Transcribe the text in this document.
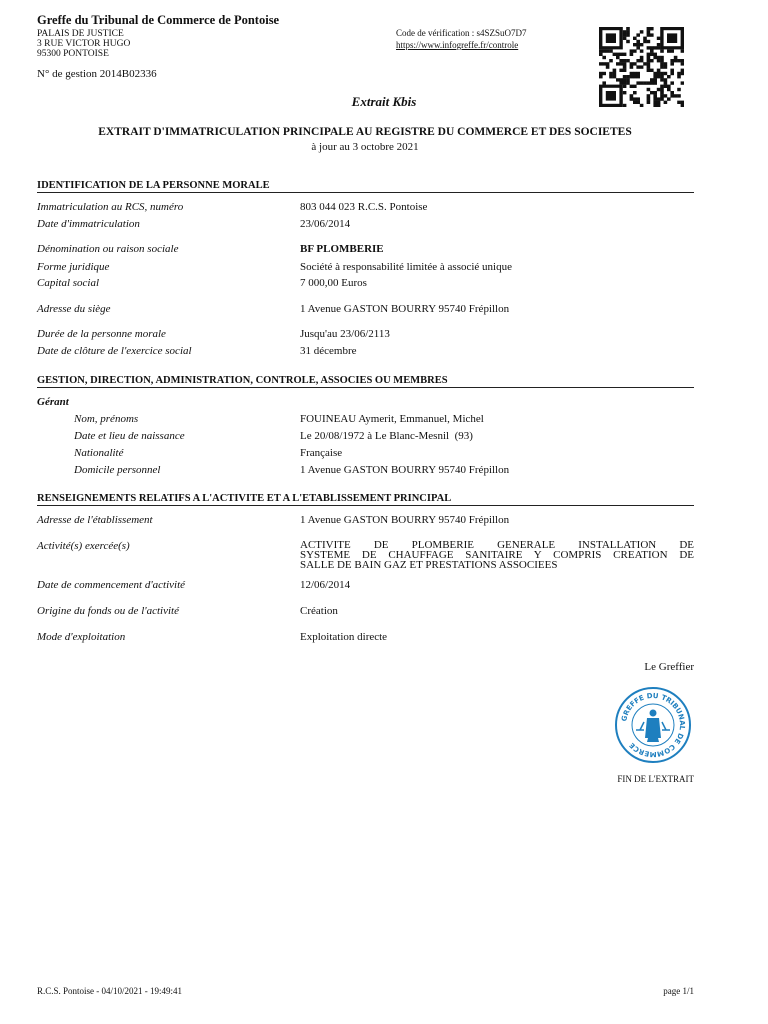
Greffe du Tribunal de Commerce de Pontoise
PALAIS DE JUSTICE
3 RUE VICTOR HUGO
95300 PONTOISE
Code de vérification : s4SZSuO7D7
https://www.infogreffe.fr/controle
N° de gestion 2014B02336
Extrait Kbis
EXTRAIT D'IMMATRICULATION PRINCIPALE AU REGISTRE DU COMMERCE ET DES SOCIETES
à jour au 3 octobre 2021
IDENTIFICATION DE LA PERSONNE MORALE
Immatriculation au RCS, numéro	803 044 023 R.C.S. Pontoise
Date d'immatriculation	23/06/2014
Dénomination ou raison sociale	BF PLOMBERIE
Forme juridique	Société à responsabilité limitée à associé unique
Capital social	7 000,00 Euros
Adresse du siège	1 Avenue GASTON BOURRY 95740 Frépillon
Durée de la personne morale	Jusqu'au 23/06/2113
Date de clôture de l'exercice social	31 décembre
GESTION, DIRECTION, ADMINISTRATION, CONTROLE, ASSOCIES OU MEMBRES
Gérant
Nom, prénoms	FOUINEAU Aymerit, Emmanuel, Michel
Date et lieu de naissance	Le 20/08/1972 à Le Blanc-Mesnil  (93)
Nationalité	Française
Domicile personnel	1 Avenue GASTON BOURRY 95740 Frépillon
RENSEIGNEMENTS RELATIFS A L'ACTIVITE ET A L'ETABLISSEMENT PRINCIPAL
Adresse de l'établissement	1 Avenue GASTON BOURRY 95740 Frépillon
Activité(s) exercée(s)	ACTIVITE DE PLOMBERIE GENERALE INSTALLATION DE
SYSTEME DE CHAUFFAGE SANITAIRE Y COMPRIS CREATION DE
SALLE DE BAIN GAZ ET PRESTATIONS ASSOCIEES
Date de commencement d'activité	12/06/2014
Origine du fonds ou de l'activité	Création
Mode d'exploitation	Exploitation directe
Le Greffier
GREFFE DU TRIBUNAL DE COMMERCE
FIN DE L'EXTRAIT
R.C.S. Pontoise - 04/10/2021 - 19:49:41	page 1/1
